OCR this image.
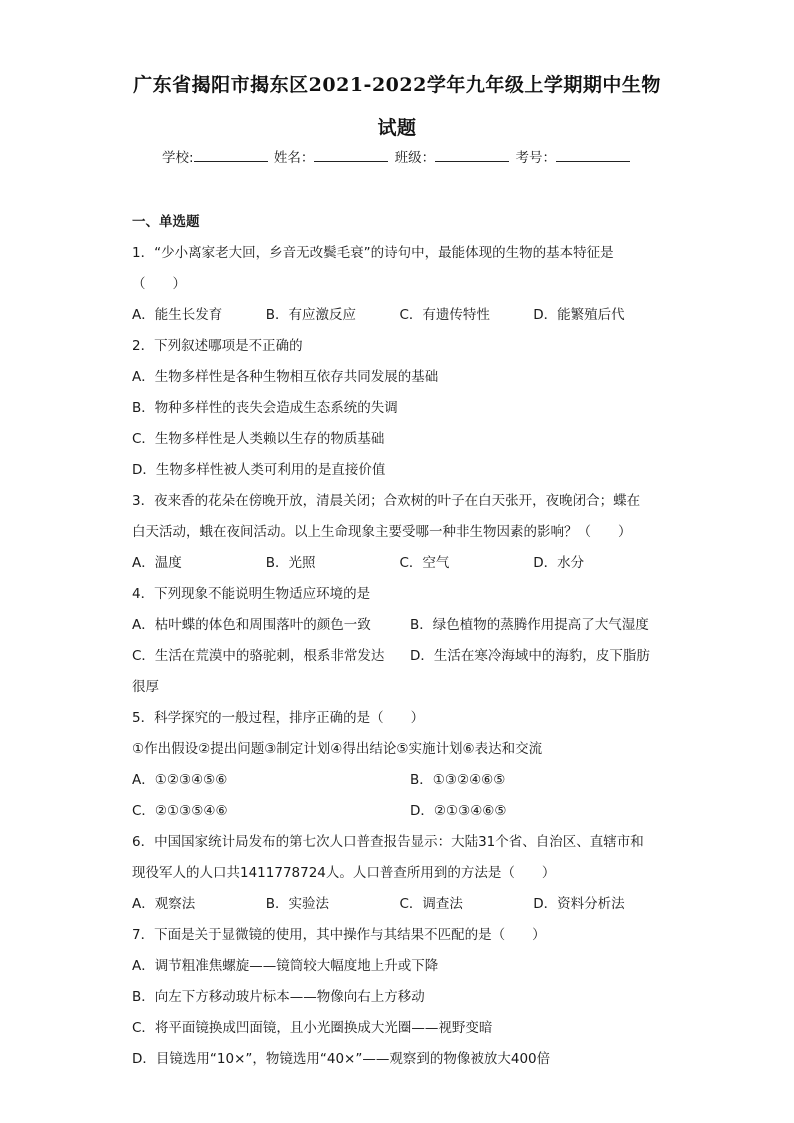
广东省揭阳市揭东区2021-2022学年九年级上学期期中生物
试题
学校:	姓名：	班级：	考号：
一、单选题
1．“少小离家老大回，乡音无改鬓毛衰”的诗句中，最能体现的生物的基本特征是
（　　）
A．能生长发育	B．有应激反应	C．有遗传特性	D．能繁殖后代
2．下列叙述哪项是不正确的
A．生物多样性是各种生物相互依存共同发展的基础
B．物种多样性的丧失会造成生态系统的失调
C．生物多样性是人类赖以生存的物质基础
D．生物多样性被人类可利用的是直接价值
3．夜来香的花朵在傍晚开放，清晨关闭；合欢树的叶子在白天张开，夜晚闭合；蝶在
白天活动，蛾在夜间活动。以上生命现象主要受哪一种非生物因素的影响？（　　）
A．温度	B．光照	C．空气	D．水分
4．下列现象不能说明生物适应环境的是
A．枯叶蝶的体色和周围落叶的颜色一致	B．绿色植物的蒸腾作用提高了大气湿度
C．生活在荒漠中的骆驼刺，根系非常发达	D．生活在寒冷海域中的海豹，皮下脂肪
很厚
5．科学探究的一般过程，排序正确的是（　　）
①作出假设②提出问题③制定计划④得出结论⑤实施计划⑥表达和交流
A．①②③④⑤⑥	B．①③②④⑥⑤
C．②①③⑤④⑥	D．②①③④⑥⑤
6．中国国家统计局发布的第七次人口普查报告显示：大陆31个省、自治区、直辖市和
现役军人的人口共1411778724人。人口普查所用到的方法是（　　）
A．观察法	B．实验法	C．调查法	D．资料分析法
7．下面是关于显微镜的使用，其中操作与其结果不匹配的是（　　）
A．调节粗准焦螺旋——镜筒较大幅度地上升或下降
B．向左下方移动玻片标本——物像向右上方移动
C．将平面镜换成凹面镜，且小光圈换成大光圈——视野变暗
D．目镜选用“10×”，物镜选用“40×”——观察到的物像被放大400倍
